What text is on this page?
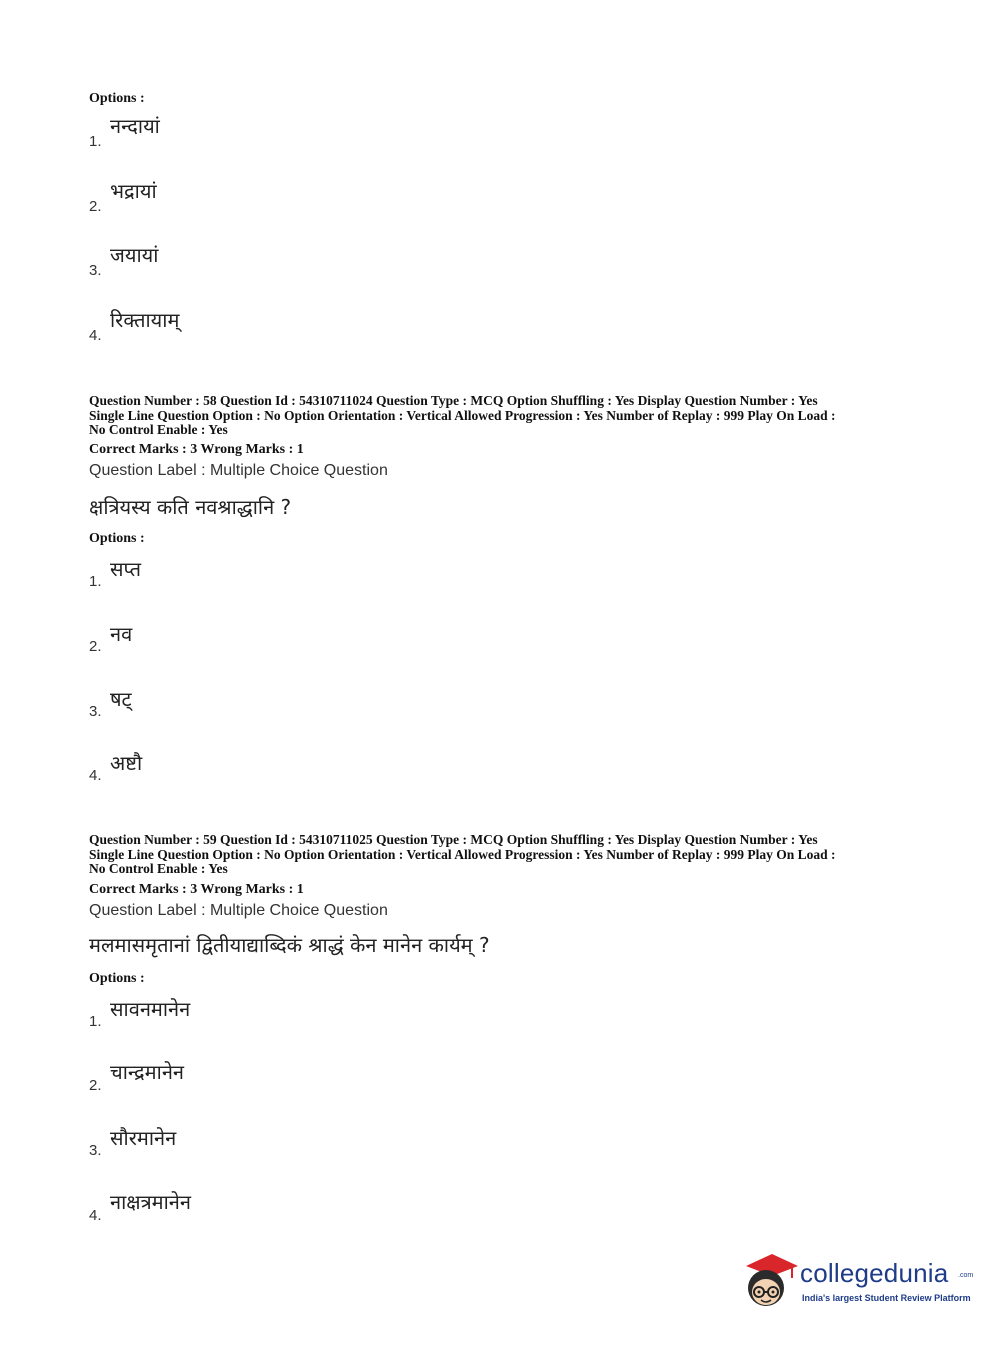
Options :
नन्दायां
1.
भद्रायां
2.
जयायां
3.
रिक्तायाम्
4.
Question Number : 58 Question Id : 54310711024 Question Type : MCQ Option Shuffling : Yes Display Question Number : Yes
Single Line Question Option : No Option Orientation : Vertical Allowed Progression : Yes Number of Replay : 999 Play On Load :
No Control Enable : Yes
Correct Marks : 3 Wrong Marks : 1
Question Label : Multiple Choice Question
क्षत्रियस्य कति नवश्राद्धानि ?
Options :
सप्त
1.
नव
2.
षट्
3.
अष्टौ
4.
Question Number : 59 Question Id : 54310711025 Question Type : MCQ Option Shuffling : Yes Display Question Number : Yes
Single Line Question Option : No Option Orientation : Vertical Allowed Progression : Yes Number of Replay : 999 Play On Load :
No Control Enable : Yes
Correct Marks : 3 Wrong Marks : 1
Question Label : Multiple Choice Question
मलमासमृतानां द्वितीयाद्याब्दिकं श्राद्धं केन मानेन कार्यम् ?
Options :
सावनमानेन
1.
चान्द्रमानेन
2.
सौरमानेन
3.
नाक्षत्रमानेन
4.
collegedunia .com
India's largest Student Review Platform
